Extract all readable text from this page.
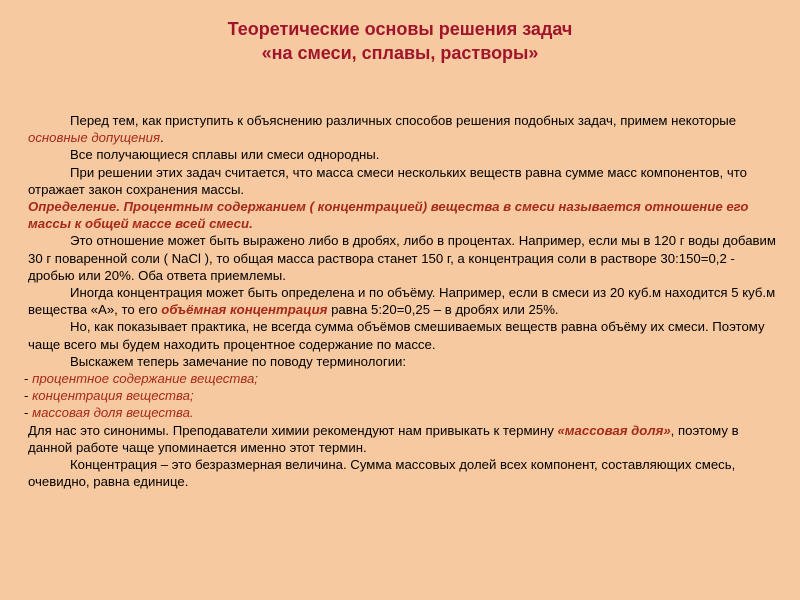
Теоретические основы решения задач
«на смеси, сплавы, растворы»

Перед тем, как приступить к объяснению различных способов решения подобных задач, примем некоторые основные допущения.

Все получающиеся сплавы или смеси однородны.

При решении этих задач считается, что масса смеси нескольких веществ равна сумме масс компонентов, что отражает закон сохранения массы.

Определение. Процентным содержанием ( концентрацией) вещества в смеси называется отношение его массы к общей массе всей смеси.

Это отношение может быть выражено либо в дробях, либо в процентах. Например, если мы в 120 г воды добавим 30 г поваренной соли ( NaCl ), то общая масса раствора станет 150 г, а концентрация соли в растворе 30:150=0,2 - дробью или 20%. Оба ответа приемлемы.

Иногда концентрация может быть определена и по объёму. Например, если в смеси из 20 куб.м находится 5 куб.м вещества «А», то его объёмная концентрация равна 5:20=0,25 – в дробях или 25%.

Но, как показывает практика, не всегда сумма объёмов смешиваемых веществ равна объёму их смеси. Поэтому чаще всего мы будем находить процентное содержание по массе.

Выскажем теперь замечание по поводу терминологии:

- процентное содержание вещества;

- концентрация вещества;

- массовая доля вещества.

Для нас это синонимы. Преподаватели химии рекомендуют нам привыкать к термину «массовая доля», поэтому в данной работе чаще упоминается именно этот термин.

Концентрация – это безразмерная величина. Сумма массовых долей всех компонент, составляющих смесь, очевидно, равна единице.
